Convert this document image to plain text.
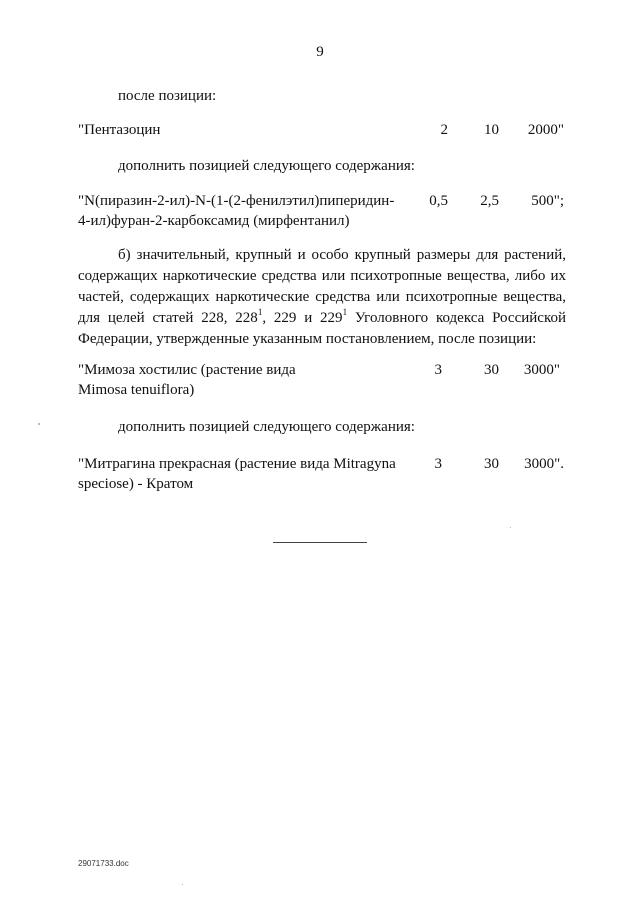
9
после позиции:
"Пентазоцин	2	10	2000"
дополнить позицией следующего содержания:
"N(пиразин-2-ил)-N-(1-(2-фенилэтил)пиперидин-
4-ил)фуран-2-карбоксамид (мирфентанил)
0,5	2,5	500";
б) значительный, крупный и особо крупный размеры для растений,
содержащих наркотические средства или психотропные вещества, либо их
частей, содержащих наркотические средства или психотропные вещества,
для целей статей 228, $228^1$, 229 и $229^1$ Уголовного кодекса Российской
Федерации, утвержденные указанным постановлением, после позиции:
"Мимоза хостилис (растение вида
Mimosa tenuiflora)
3	30	3000"
дополнить позицией следующего содержания:
"Митрагина прекрасная (растение вида Mitragyna
speciose) - Кратом
3	30	3000".
29071733.doc
